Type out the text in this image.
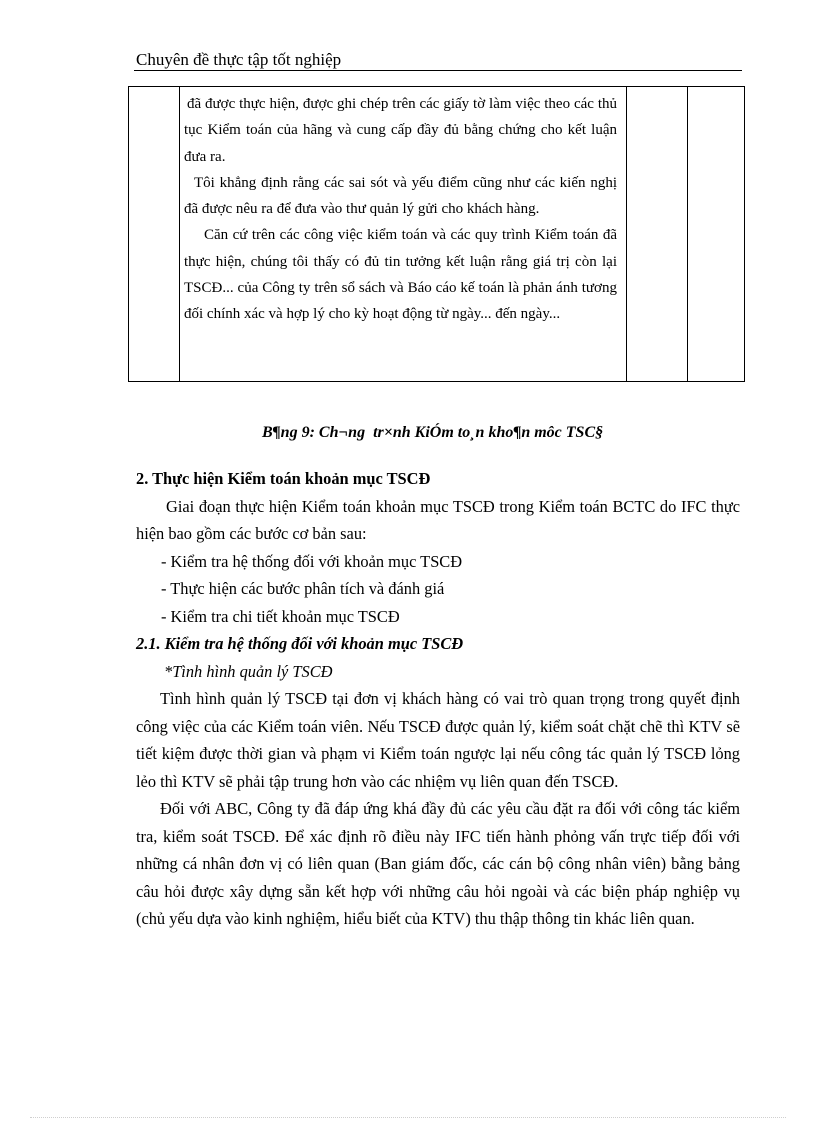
Chuyên đề thực tập tốt nghiệp

đã được thực hiện, được ghi chép trên các giấy tờ làm việc theo các thủ tục Kiểm toán của hãng và cung cấp đầy đủ bằng chứng cho kết luận đưa ra.

Tôi khẳng định rằng các sai sót và yếu điểm cũng như các kiến nghị đã được nêu ra để đưa vào thư quản lý gửi cho khách hàng.

Căn cứ trên các công việc kiểm toán và các quy trình Kiểm toán đã thực hiện, chúng tôi thấy có đủ tin tưởng kết luận rằng giá trị còn lại TSCĐ... của Công ty trên sổ sách và Báo cáo kế toán là phản ánh tương đối chính xác và hợp lý cho kỳ hoạt động từ ngày... đến ngày...

B¶ng 9: Ch¬ng  tr×nh KiÓm to¸n kho¶n môc TSC§

2. Thực hiện Kiểm toán khoản mục TSCĐ

Giai đoạn thực hiện Kiểm toán khoản mục TSCĐ trong Kiểm toán BCTC do IFC thực hiện bao gồm các bước cơ bản sau:

- Kiểm tra hệ thống đối với khoản mục TSCĐ

- Thực hiện các bước phân tích và đánh giá

- Kiểm tra chi tiết khoản mục TSCĐ

2.1. Kiểm tra hệ thống đối với khoản mục TSCĐ

*Tình hình quản lý TSCĐ

Tình hình quản lý TSCĐ tại đơn vị khách hàng có vai trò quan trọng trong quyết định công việc của các Kiểm toán viên. Nếu TSCĐ được quản lý, kiểm soát chặt chẽ thì KTV sẽ tiết kiệm được thời gian và phạm vi Kiểm toán ngược lại nếu công tác quản lý TSCĐ lỏng lẻo thì KTV sẽ phải tập trung hơn vào các nhiệm vụ liên quan đến TSCĐ.

Đối với ABC, Công ty đã đáp ứng khá đầy đủ các yêu cầu đặt ra đối với công tác kiểm tra, kiểm soát TSCĐ. Để xác định rõ điều này IFC tiến hành phỏng vấn trực tiếp đối với những cá nhân đơn vị có liên quan (Ban giám đốc, các cán bộ công nhân viên) bằng bảng câu hỏi được xây dựng sẵn kết hợp với những câu hỏi ngoài và các biện pháp nghiệp vụ (chủ yếu dựa vào kinh nghiệm, hiểu biết của KTV) thu thập thông tin khác liên quan.
